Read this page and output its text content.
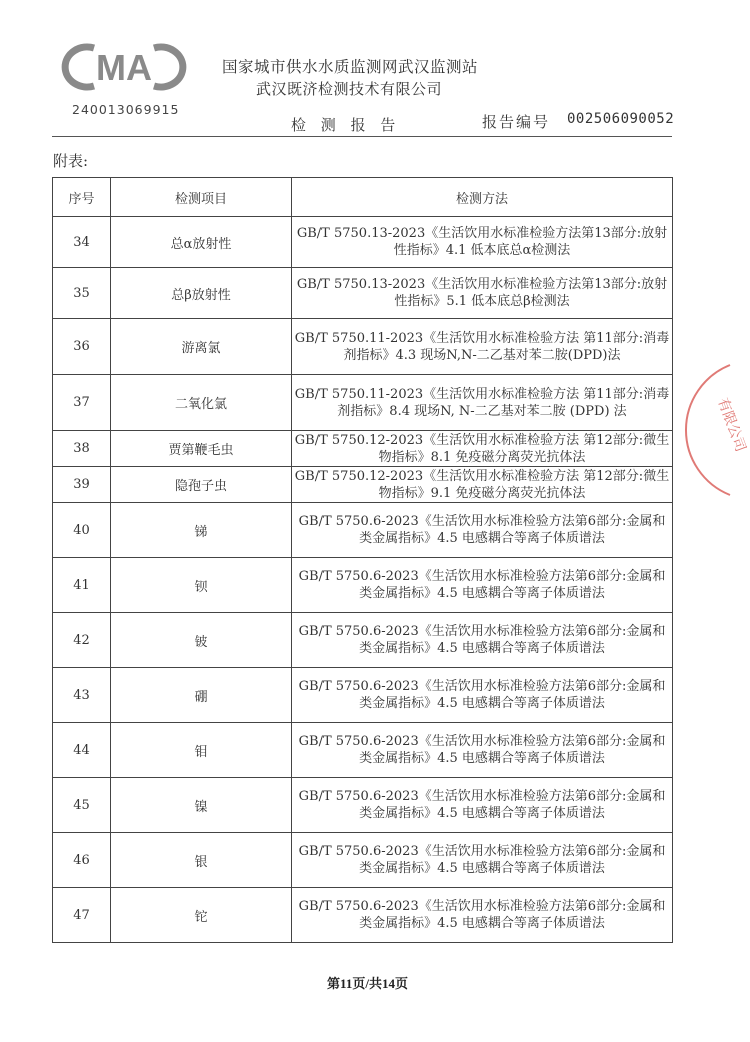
MA
240013069915
国家城市供水水质监测网武汉监测站
武汉既济检测技术有限公司
检 测 报 告	报告编号 002506090052
附表:
序号	检测项目	检测方法
34	总α放射性	GB/T 5750.13-2023《生活饮用水标准检验方法第13部分:放射性指标》4.1 低本底总α检测法
35	总β放射性	GB/T 5750.13-2023《生活饮用水标准检验方法第13部分:放射性指标》5.1 低本底总β检测法
36	游离氯	GB/T 5750.11-2023《生活饮用水标准检验方法 第11部分:消毒剂指标》4.3 现场N,N-二乙基对苯二胺(DPD)法
37	二氧化氯	GB/T 5750.11-2023《生活饮用水标准检验方法 第11部分:消毒剂指标》8.4 现场N, N-二乙基对苯二胺 (DPD) 法
38	贾第鞭毛虫	GB/T 5750.12-2023《生活饮用水标准检验方法 第12部分:微生物指标》8.1 免疫磁分离荧光抗体法
39	隐孢子虫	GB/T 5750.12-2023《生活饮用水标准检验方法 第12部分:微生物指标》9.1 免疫磁分离荧光抗体法
40	锑	GB/T 5750.6-2023《生活饮用水标准检验方法第6部分:金属和类金属指标》4.5 电感耦合等离子体质谱法
41	钡	GB/T 5750.6-2023《生活饮用水标准检验方法第6部分:金属和类金属指标》4.5 电感耦合等离子体质谱法
42	铍	GB/T 5750.6-2023《生活饮用水标准检验方法第6部分:金属和类金属指标》4.5 电感耦合等离子体质谱法
43	硼	GB/T 5750.6-2023《生活饮用水标准检验方法第6部分:金属和类金属指标》4.5 电感耦合等离子体质谱法
44	钼	GB/T 5750.6-2023《生活饮用水标准检验方法第6部分:金属和类金属指标》4.5 电感耦合等离子体质谱法
45	镍	GB/T 5750.6-2023《生活饮用水标准检验方法第6部分:金属和类金属指标》4.5 电感耦合等离子体质谱法
46	银	GB/T 5750.6-2023《生活饮用水标准检验方法第6部分:金属和类金属指标》4.5 电感耦合等离子体质谱法
47	铊	GB/T 5750.6-2023《生活饮用水标准检验方法第6部分:金属和类金属指标》4.5 电感耦合等离子体质谱法
有限公司
第11页/共14页
